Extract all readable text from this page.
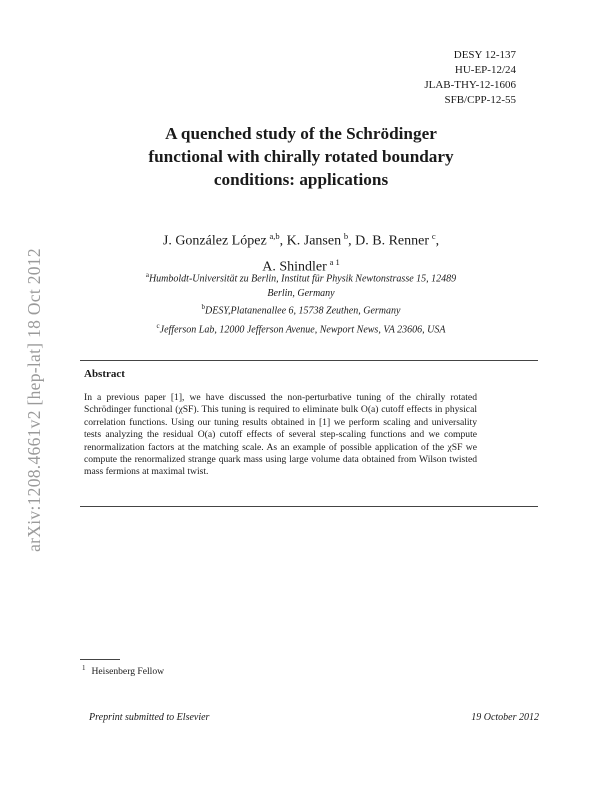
arXiv:1208.4661v2 [hep-lat] 18 Oct 2012
DESY 12-137
HU-EP-12/24
JLAB-THY-12-1606
SFB/CPP-12-55
A quenched study of the Schrödinger
functional with chirally rotated boundary
conditions: applications
J. González López  $^{a,b}$, K. Jansen  $^b$, D. B. Renner  $^c$,
A. Shindler  $^{a 1}$
$^a$Humboldt-Universität zu Berlin, Institut für Physik Newtonstrasse 15, 12489
Berlin, Germany
$^b$DESY,Platanenallee 6, 15738 Zeuthen, Germany
$^c$Jefferson Lab, 12000 Jefferson Avenue, Newport News, VA 23606, USA
Abstract
In a previous paper [1], we have discussed the non-perturbative tuning of the chirally rotated Schrödinger functional (χSF). This tuning is required to eliminate bulk O(a) cutoff effects in physical correlation functions. Using our tuning results obtained in [1] we perform scaling and universality tests analyzing the residual O(a) cutoff effects of several step-scaling functions and we compute renormalization factors at the matching scale. As an example of possible application of the χSF we compute the renormalized strange quark mass using large volume data obtained from Wilson twisted mass fermions at maximal twist.
$^1$ Heisenberg Fellow
Preprint submitted to Elsevier	19 October 2012
